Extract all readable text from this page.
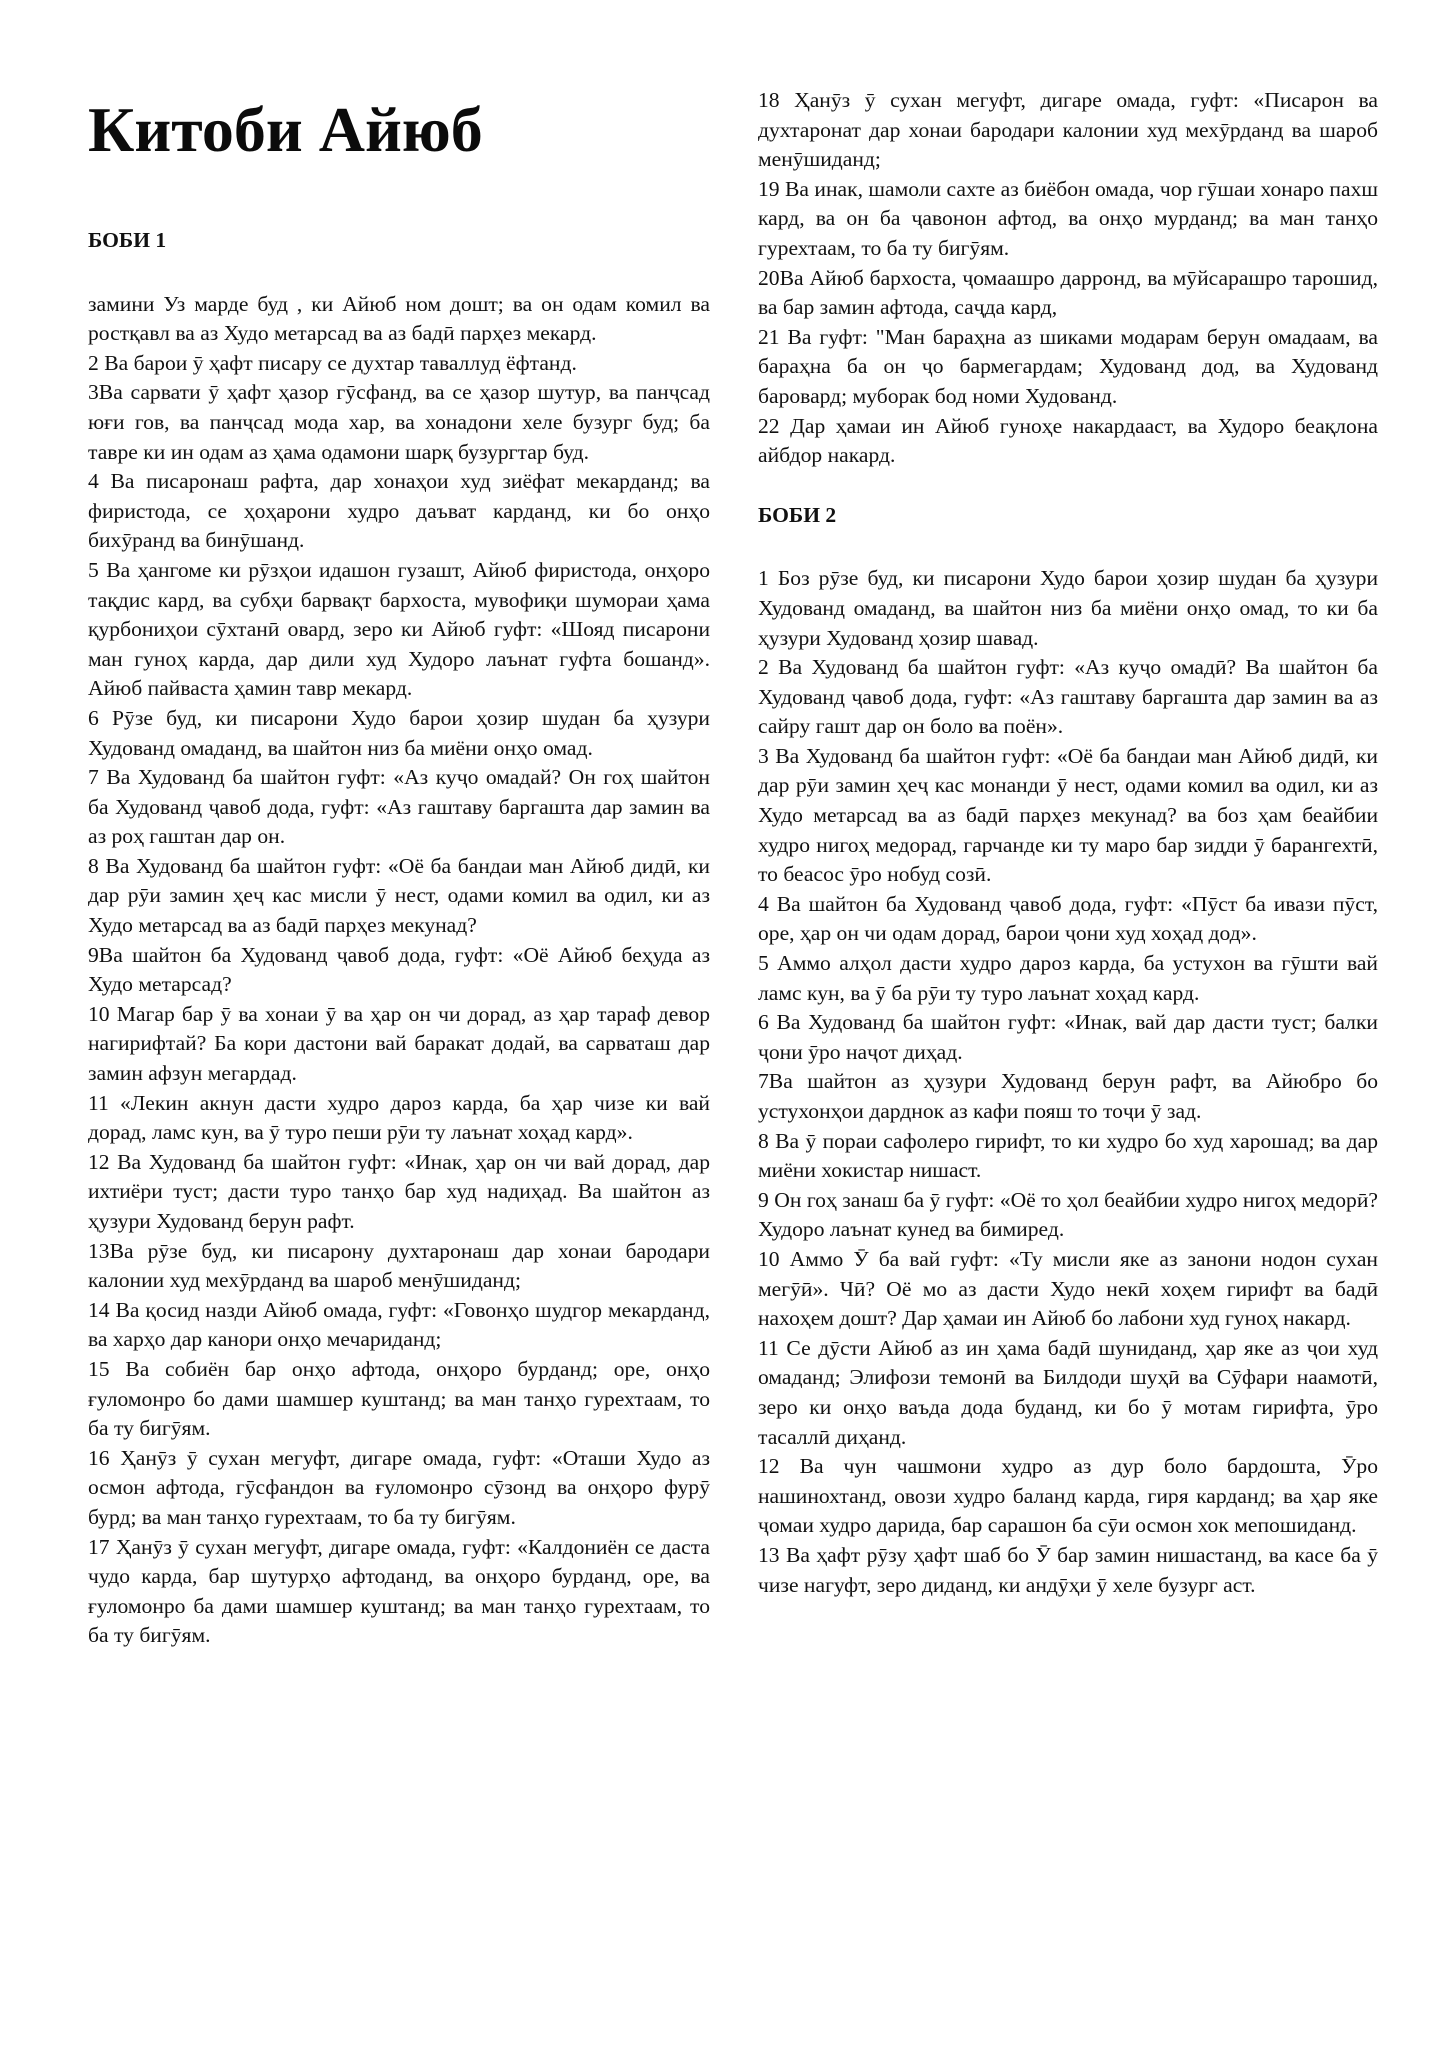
Китоби Айюб
БОБИ 1

замини Уз марде буд , ки Айюб ном дошт; ва он одам комил ва ростқавл ва аз Худо метарсад ва аз бадӣ парҳез мекард.

2 Ва барои ӯ ҳафт писару се духтар таваллуд ёфтанд.

3Ва сарвати ӯ ҳафт ҳазор гӯсфанд, ва се ҳазор шутур, ва панҷсад юғи гов, ва панҷсад мода хар, ва хонадони хеле бузург буд; ба тавре ки ин одам аз ҳама одамони шарқ бузургтар буд.

4 Ва писаронаш рафта, дар хонаҳои худ зиёфат мекарданд; ва фиристода, се ҳоҳарони худро даъват карданд, ки бо онҳо бихӯранд ва бинӯшанд.

5 Ва ҳангоме ки рӯзҳои идашон гузашт, Айюб фиристода, онҳоро тақдис кард, ва субҳи барвақт бархоста, мувофиқи шумораи ҳама қурбониҳои сӯхтанӣ овард, зеро ки Айюб гуфт: «Шояд писарони ман гуноҳ карда, дар дили худ Худоро лаънат гуфта бошанд». Айюб пайваста ҳамин тавр мекард.

6 Рӯзе буд, ки писарони Худо барои ҳозир шудан ба ҳузури Худованд омаданд, ва шайтон низ ба миёни онҳо омад.

7 Ва Худованд ба шайтон гуфт: «Аз куҷо омадай? Он гоҳ шайтон ба Худованд ҷавоб дода, гуфт: «Аз гаштаву баргашта дар замин ва аз роҳ гаштан дар он.

8 Ва Худованд ба шайтон гуфт: «Оё ба бандаи ман Айюб дидӣ, ки дар рӯи замин ҳеҷ кас мисли ӯ нест, одами комил ва одил, ки аз Худо метарсад ва аз бадӣ парҳез мекунад?

9Ва шайтон ба Худованд ҷавоб дода, гуфт: «Оё Айюб беҳуда аз Худо метарсад?

10 Магар бар ӯ ва хонаи ӯ ва ҳар он чи дорад, аз ҳар тараф девор нагирифтай? Ба кори дастони вай баракат додай, ва сарваташ дар замин афзун мегардад.

11 «Лекин акнун дасти худро дароз карда, ба ҳар чизе ки вай дорад, ламс кун, ва ӯ туро пеши рӯи ту лаънат хоҳад кард».

12 Ва Худованд ба шайтон гуфт: «Инак, ҳар он чи вай дорад, дар ихтиёри туст; дасти туро танҳо бар худ надиҳад. Ва шайтон аз ҳузури Худованд берун рафт.

13Ва рӯзе буд, ки писарону духтаронаш дар хонаи бародари калонии худ мехӯрданд ва шароб менӯшиданд;

14 Ва қосид назди Айюб омада, гуфт: «Говонҳо шудгор мекарданд, ва харҳо дар канори онҳо мечариданд;

15 Ва собиён бар онҳо афтода, онҳоро бурданд; оре, онҳо ғуломонро бо дами шамшер куштанд; ва ман танҳо гурехтаам, то ба ту бигӯям.

16 Ҳанӯз ӯ сухан мегуфт, дигаре омада, гуфт: «Оташи Худо аз осмон афтода, гӯсфандон ва ғуломонро сӯзонд ва онҳоро фурӯ бурд; ва ман танҳо гурехтаам, то ба ту бигӯям.

17 Ҳанӯз ӯ сухан мегуфт, дигаре омада, гуфт: «Калдониён се даста чудо карда, бар шутурҳо афтоданд, ва онҳоро бурданд, оре, ва ғуломонро ба дами шамшер куштанд; ва ман танҳо гурехтаам, то ба ту бигӯям.

18 Ҳанӯз ӯ сухан мегуфт, дигаре омада, гуфт: «Писарон ва духтаронат дар хонаи бародари калонии худ мехӯрданд ва шароб менӯшиданд;

19 Ва инак, шамоли сахте аз биёбон омада, чор гӯшаи хонаро пахш кард, ва он ба ҷавонон афтод, ва онҳо мурданд; ва ман танҳо гурехтаам, то ба ту бигӯям.

20Ва Айюб бархоста, ҷомаашро дарронд, ва мӯйсарашро тарошид, ва бар замин афтода, саҷда кард,

21 Ва гуфт: "Ман бараҳна аз шиками модарам берун омадаам, ва бараҳна ба он ҷо бармегардам; Худованд дод, ва Худованд баровард; муборак бод номи Худованд.

22 Дар ҳамаи ин Айюб гуноҳе накардааст, ва Худоро беақлона айбдор накард.

БОБИ 2

1 Боз рӯзе буд, ки писарони Худо барои ҳозир шудан ба ҳузури Худованд омаданд, ва шайтон низ ба миёни онҳо омад, то ки ба ҳузури Худованд ҳозир шавад.

2 Ва Худованд ба шайтон гуфт: «Аз куҷо омадӣ? Ва шайтон ба Худованд ҷавоб дода, гуфт: «Аз гаштаву баргашта дар замин ва аз сайру гашт дар он боло ва поён».

3 Ва Худованд ба шайтон гуфт: «Оё ба бандаи ман Айюб дидӣ, ки дар рӯи замин ҳеҷ кас монанди ӯ нест, одами комил ва одил, ки аз Худо метарсад ва аз бадӣ парҳез мекунад? ва боз ҳам беайбии худро нигоҳ медорад, гарчанде ки ту маро бар зидди ӯ барангехтӣ, то беасос ӯро нобуд созӣ.

4 Ва шайтон ба Худованд ҷавоб дода, гуфт: «Пӯст ба ивази пӯст, оре, ҳар он чи одам дорад, барои ҷони худ хоҳад дод».

5 Аммо алҳол дасти худро дароз карда, ба устухон ва гӯшти вай ламс кун, ва ӯ ба рӯи ту туро лаънат хоҳад кард.

6 Ва Худованд ба шайтон гуфт: «Инак, вай дар дасти туст; балки ҷони ӯро наҷот диҳад.

7Ва шайтон аз ҳузури Худованд берун рафт, ва Айюбро бо устухонҳои дарднок аз кафи пояш то тоҷи ӯ зад.

8 Ва ӯ пораи сафолеро гирифт, то ки худро бо худ харошад; ва дар миёни хокистар нишаст.

9 Он гоҳ занаш ба ӯ гуфт: «Оё то ҳол беайбии худро нигоҳ медорӣ? Худоро лаънат кунед ва бимиред.

10 Аммо Ӯ ба вай гуфт: «Ту мисли яке аз занони нодон сухан мегӯӣ». Чӣ? Оё мо аз дасти Худо некӣ хоҳем гирифт ва бадӣ нахоҳем дошт? Дар ҳамаи ин Айюб бо лабони худ гуноҳ накард.

11 Се дӯсти Айюб аз ин ҳама бадӣ шуниданд, ҳар яке аз ҷои худ омаданд; Элифози темонӣ ва Билдоди шуҳӣ ва Сӯфари наамотӣ, зеро ки онҳо ваъда дода буданд, ки бо ӯ мотам гирифта, ӯро тасаллӣ диҳанд.

12 Ва чун чашмони худро аз дур боло бардошта, Ӯро нашинохтанд, овози худро баланд карда, гиря карданд; ва ҳар яке ҷомаи худро дарида, бар сарашон ба сӯи осмон хок мепошиданд.

13 Ва ҳафт рӯзу ҳафт шаб бо Ӯ бар замин нишастанд, ва касе ба ӯ чизе нагуфт, зеро диданд, ки андӯҳи ӯ хеле бузург аст.
